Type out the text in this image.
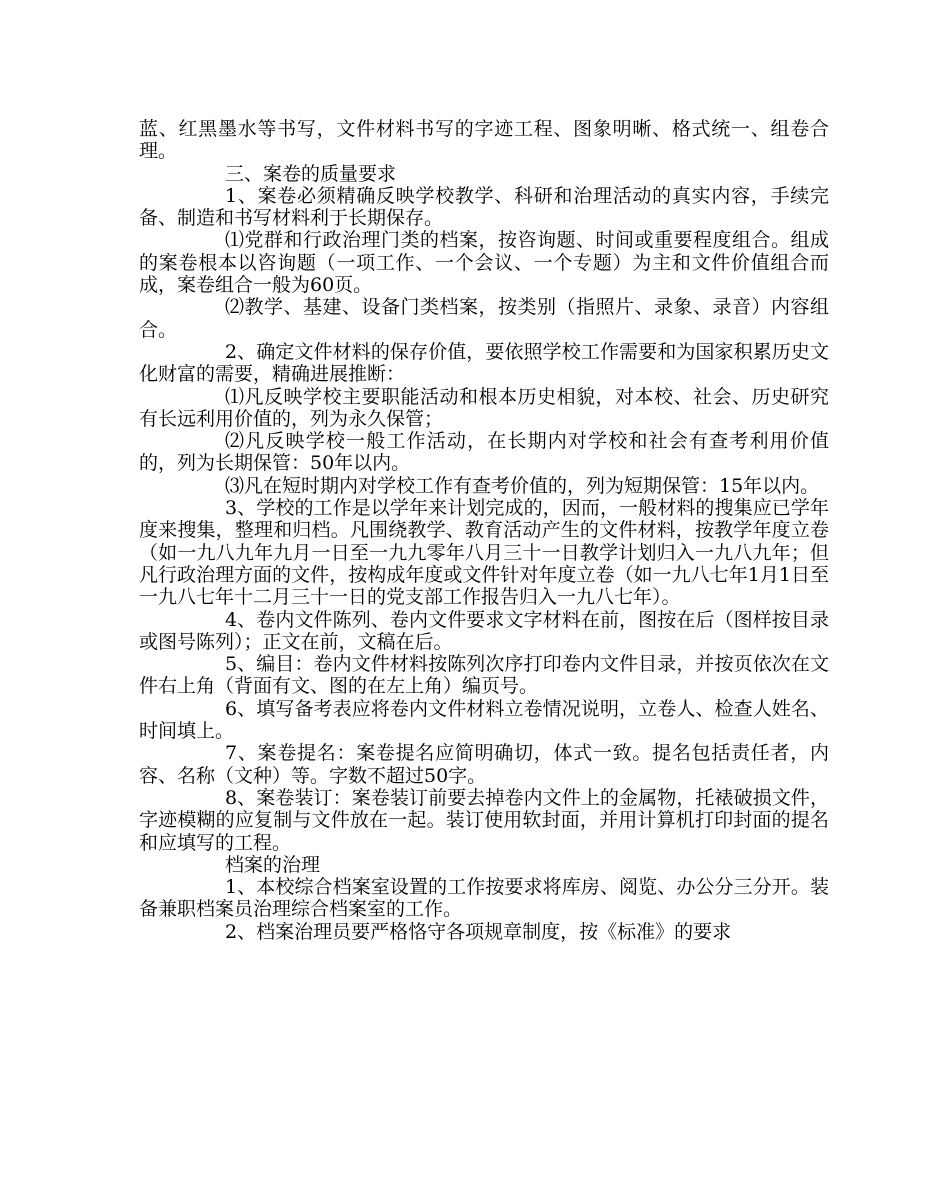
蓝、红黑墨水等书写，文件材料书写的字迹工程、图象明晰、格式统一、组卷合理。

三、案卷的质量要求

1、案卷必须精确反映学校教学、科研和治理活动的真实内容，手续完备、制造和书写材料利于长期保存。

⑴党群和行政治理门类的档案，按咨询题、时间或重要程度组合。组成的案卷根本以咨询题（一项工作、一个会议、一个专题）为主和文件价值组合而成，案卷组合一般为60页。

⑵教学、基建、设备门类档案，按类别（指照片、录象、录音）内容组合。

2、确定文件材料的保存价值，要依照学校工作需要和为国家积累历史文化财富的需要，精确进展推断：

⑴凡反映学校主要职能活动和根本历史相貌，对本校、社会、历史研究有长远利用价值的，列为永久保管；

⑵凡反映学校一般工作活动，在长期内对学校和社会有查考利用价值的，列为长期保管：50年以内。

⑶凡在短时期内对学校工作有查考价值的，列为短期保管：15年以内。

3、学校的工作是以学年来计划完成的，因而，一般材料的搜集应已学年度来搜集，整理和归档。凡围绕教学、教育活动产生的文件材料，按教学年度立卷（如一九八九年九月一日至一九九零年八月三十一日教学计划归入一九八九年；但凡行政治理方面的文件，按构成年度或文件针对年度立卷（如一九八七年1月1日至一九八七年十二月三十一日的党支部工作报告归入一九八七年）。

4、卷内文件陈列、卷内文件要求文字材料在前，图按在后（图样按目录或图号陈列）；正文在前，文稿在后。

5、编目：卷内文件材料按陈列次序打印卷内文件目录，并按页依次在文件右上角（背面有文、图的在左上角）编页号。

6、填写备考表应将卷内文件材料立卷情况说明，立卷人、检查人姓名、时间填上。

7、案卷提名：案卷提名应简明确切，体式一致。提名包括责任者，内容、名称（文种）等。字数不超过50字。

8、案卷装订：案卷装订前要去掉卷内文件上的金属物，托裱破损文件，字迹模糊的应复制与文件放在一起。装订使用软封面，并用计算机打印封面的提名和应填写的工程。

档案的治理

1、本校综合档案室设置的工作按要求将库房、阅览、办公分三分开。装备兼职档案员治理综合档案室的工作。

2、档案治理员要严格恪守各项规章制度，按《标准》的要求
